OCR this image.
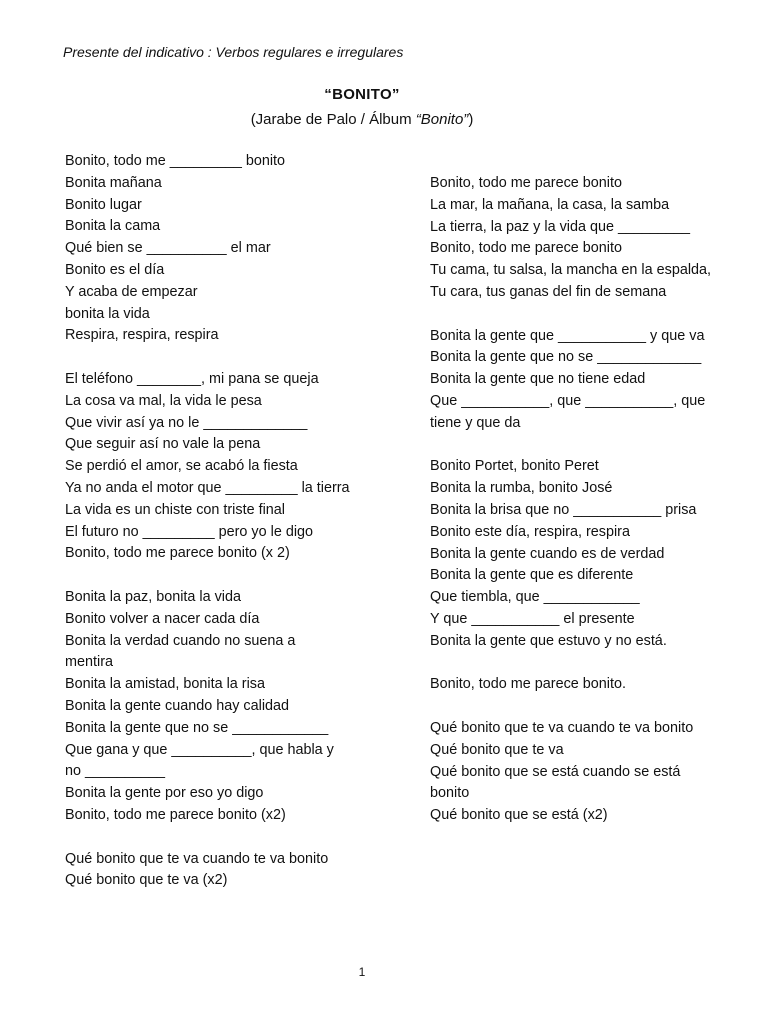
Presente del indicativo : Verbos regulares e irregulares
“BONITO”
(Jarabe de Palo / Álbum “Bonito”)
Bonito, todo me _________ bonito
Bonita mañana
Bonito lugar
Bonita la cama
Qué bien se __________ el mar
Bonito es el día
Y acaba de empezar
bonita la vida
Respira, respira, respira
El teléfono ________, mi pana se queja
La cosa va mal, la vida le pesa
Que vivir así ya no le _____________
Que seguir así no vale la pena
Se perdió el amor, se acabó la fiesta
Ya no anda el motor que _________ la tierra
La vida es un chiste con triste final
El futuro no _________ pero yo le digo
Bonito, todo me parece bonito (x 2)
Bonita la paz, bonita la vida
Bonito volver a nacer cada día
Bonita la verdad cuando no suena a
mentira
Bonita la amistad, bonita la risa
Bonita la gente cuando hay calidad
Bonita la gente que no se ____________
Que gana y que __________, que habla y
no __________
Bonita la gente por eso yo digo
Bonito, todo me parece bonito (x2)
Qué bonito que te va cuando te va bonito
Qué bonito que te va (x2)
Bonito, todo me parece bonito
La mar, la mañana, la casa, la samba
La tierra, la paz y la vida que _________
Bonito, todo me parece bonito
Tu cama, tu salsa, la mancha en la espalda,
Tu cara, tus ganas del fin de semana
Bonita la gente que ___________ y que va
Bonita la gente que no se _____________
Bonita la gente que no tiene edad
Que ___________, que ___________, que
tiene y que da
Bonito Portet, bonito Peret
Bonita la rumba, bonito José
Bonita la brisa que no ___________ prisa
Bonito este día, respira, respira
Bonita la gente cuando es de verdad
Bonita la gente que es diferente
Que tiembla, que ____________
Y que ___________ el presente
Bonita la gente que estuvo y no está.
Bonito, todo me parece bonito.
Qué bonito que te va cuando te va bonito
Qué bonito que te va
Qué bonito que se está cuando se está
bonito
Qué bonito que se está (x2)
1
